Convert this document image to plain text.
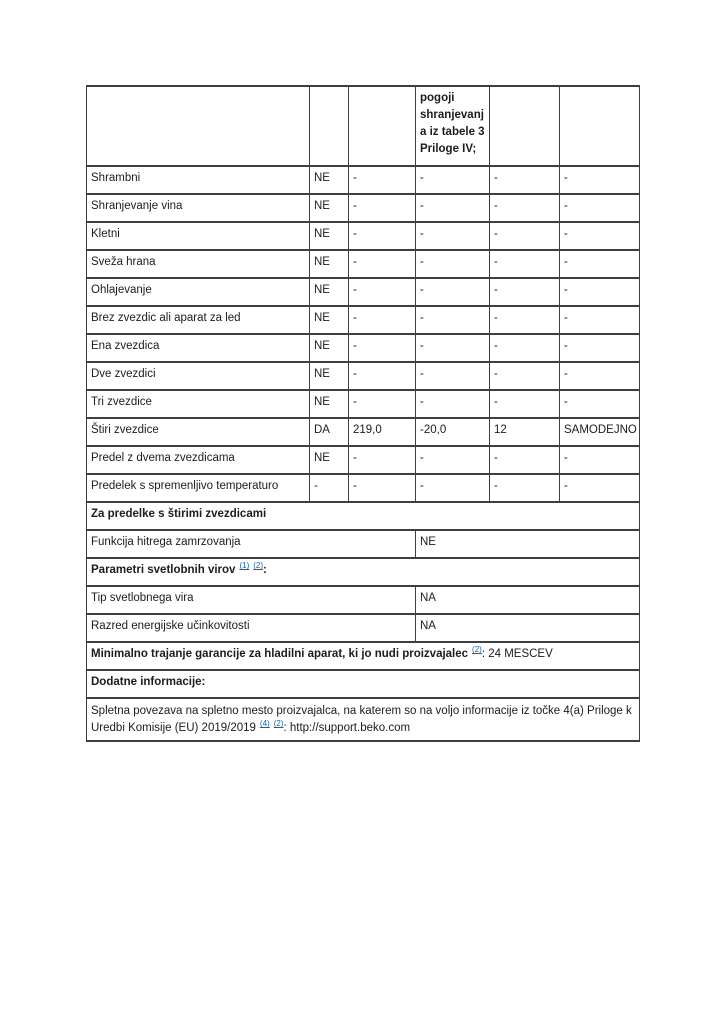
			pogoji shranjevanja iz tabele 3 Priloge IV;		
Shrambni	NE	-	-	-	-
Shranjevanje vina	NE	-	-	-	-
Kletni	NE	-	-	-	-
Sveža hrana	NE	-	-	-	-
Ohlajevanje	NE	-	-	-	-
Brez zvezdic ali aparat za led	NE	-	-	-	-
Ena zvezdica	NE	-	-	-	-
Dve zvezdici	NE	-	-	-	-
Tri zvezdice	NE	-	-	-	-
Štiri zvezdice	DA	219,0	-20,0	12	SAMODEJNO
Predel z dvema zvezdicama	NE	-	-	-	-
Predelek s spremenljivo temperaturo	-	-	-	-	-
Za predelke s štirimi zvezdicami					
Funkcija hitrega zamrzovanja			NE		
Parametri svetlobnih virov $^{(1)}$ $^{(2)}$:					
Tip svetlobnega vira			NA		
Razred energijske učinkovitosti			NA		
Minimalno trajanje garancije za hladilni aparat, ki jo nudi proizvajalec $^{(2)}$: 24 MESCEV					
Dodatne informacije:					
Spletna povezava na spletno mesto proizvajalca, na katerem so na voljo informacije iz točke 4(a) Priloge k Uredbi Komisije (EU) 2019/2019 $^{(4)}$ $^{(2)}$: http://support.beko.com					
